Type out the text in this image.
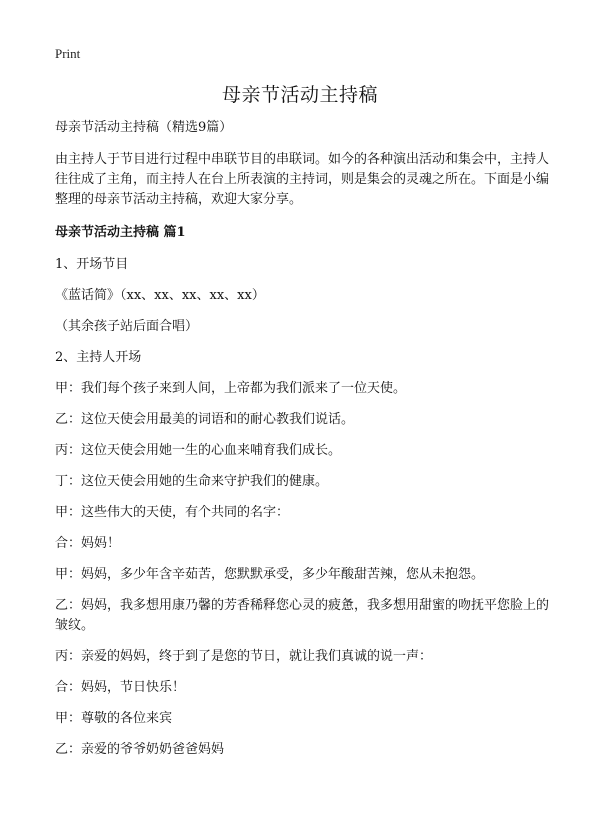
Print
母亲节活动主持稿

母亲节活动主持稿（精选9篇）

由主持人于节目进行过程中串联节目的串联词。如今的各种演出活动和集会中，主持人往往成了主角，而主持人在台上所表演的主持词，则是集会的灵魂之所在。下面是小编整理的母亲节活动主持稿，欢迎大家分享。

母亲节活动主持稿 篇1

1、开场节目

《蓝话简》（xx、xx、xx、xx、xx）

（其余孩子站后面合唱）

2、主持人开场

甲：我们每个孩子来到人间，上帝都为我们派来了一位天使。

乙：这位天使会用最美的词语和的耐心教我们说话。

丙：这位天使会用她一生的心血来哺育我们成长。

丁：这位天使会用她的生命来守护我们的健康。

甲：这些伟大的天使，有个共同的名字：

合：妈妈！

甲：妈妈，多少年含辛茹苦，您默默承受，多少年酸甜苦辣，您从未抱怨。

乙：妈妈，我多想用康乃馨的芳香稀释您心灵的疲惫，我多想用甜蜜的吻抚平您脸上的皱纹。

丙：亲爱的妈妈，终于到了是您的节日，就让我们真诚的说一声：

合：妈妈，节日快乐！

甲：尊敬的各位来宾

乙：亲爱的爷爷奶奶爸爸妈妈
